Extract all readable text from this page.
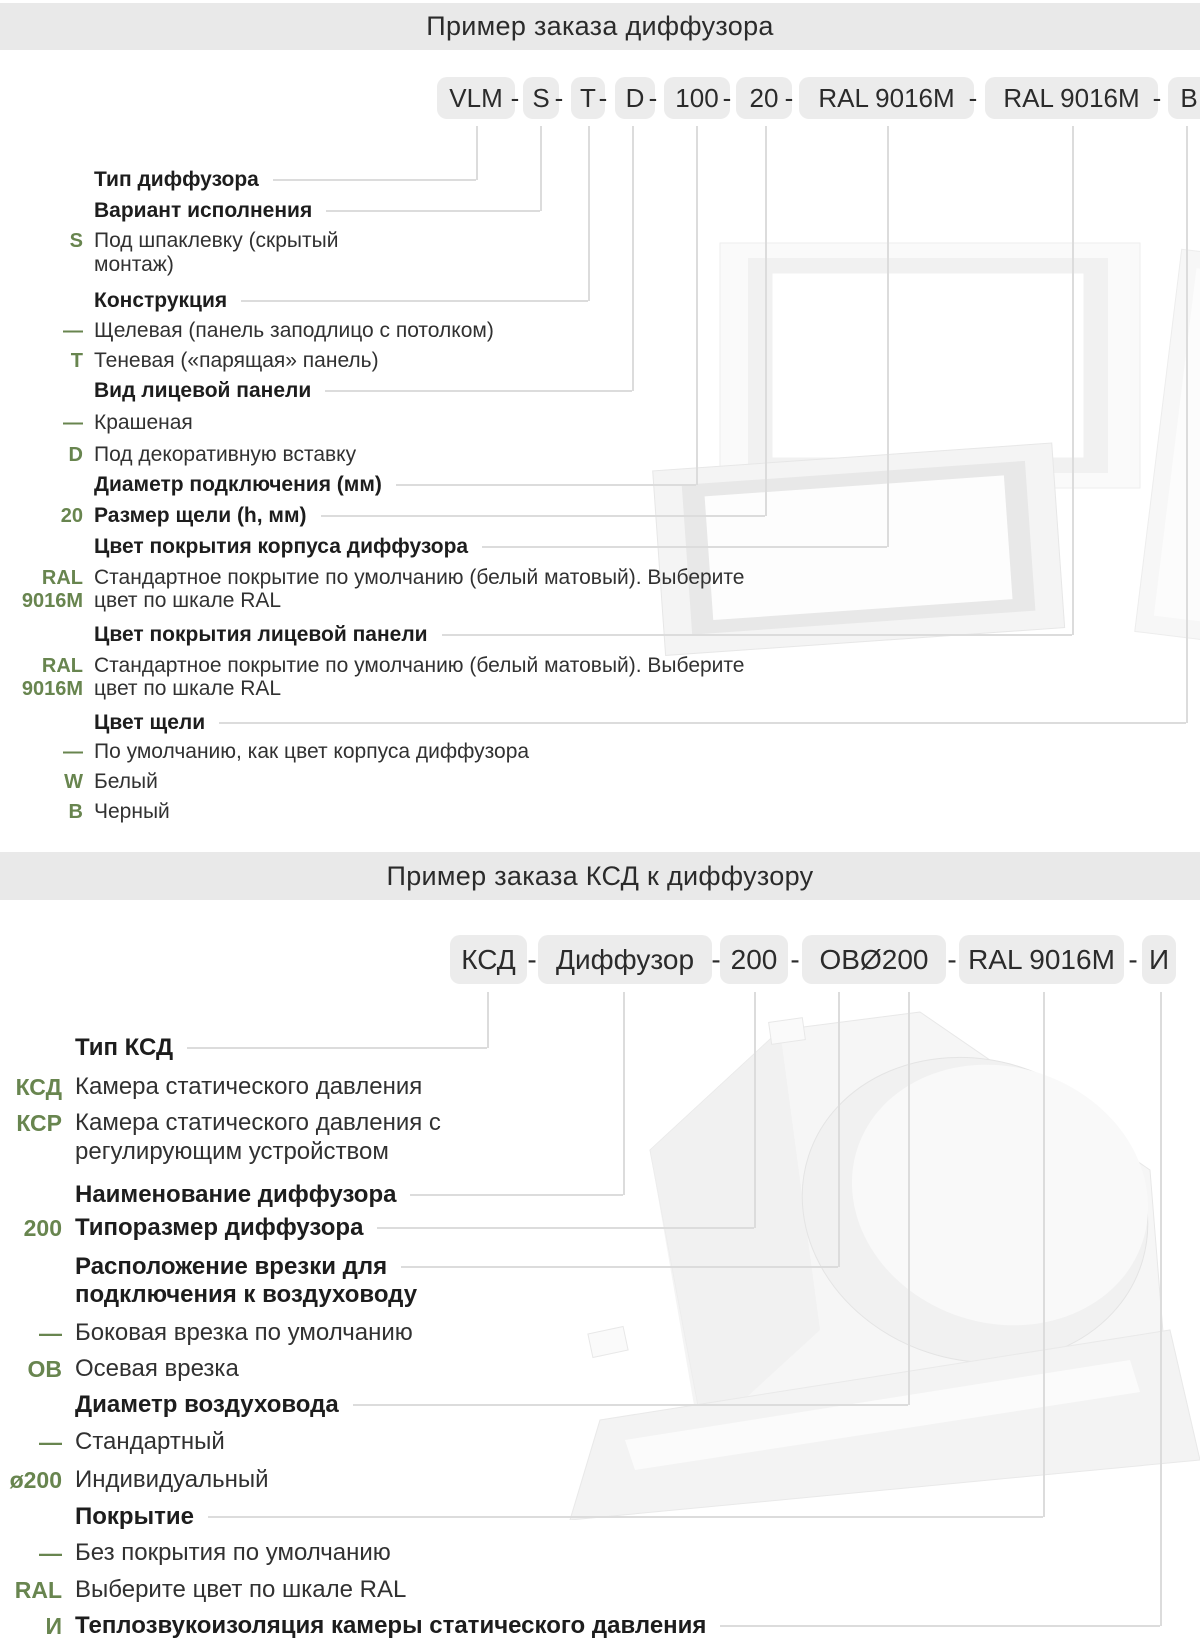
Пример заказа диффузора
VLM S T D 100 20 RAL 9016M RAL 9016M B
- - - -	- -	-	-
Тип диффузора
Вариант исполнения
S Под шпаклевку (скрытый
монтаж)
Конструкция
— Щелевая (панель заподлицо с потолком)
T Теневая («парящая» панель)
Вид лицевой панели
— Крашеная
D Под декоративную вставку
Диаметр подключения (мм)
20 Размер щели (h, мм)
Цвет покрытия корпуса диффузора
RAL Стандартное покрытие по умолчанию (белый матовый). Выберите
9016M цвет по шкале RAL
Цвет покрытия лицевой панели
RAL Стандартное покрытие по умолчанию (белый матовый). Выберите
9016M цвет по шкале RAL
Цвет щели
— По умолчанию, как цвет корпуса диффузора
W Белый
B Черный
Пример заказа КСД к диффузору
КСД Диффузор 200 ОВØ200 RAL 9016M И
-	- -	-	-
Тип КСД
КСД Камера статического давления
КСР Камера статического давления с
регулирующим устройством
Наименование диффузора
200 Типоразмер диффузора
Расположение врезки для
подключения к воздуховоду
— Боковая врезка по умолчанию
ОВ Осевая врезка
Диаметр воздуховода
— Стандартный
ø200 Индивидуальный
Покрытие
— Без покрытия по умолчанию
RAL Выберите цвет по шкале RAL
И Теплозвукоизоляция камеры статического давления
